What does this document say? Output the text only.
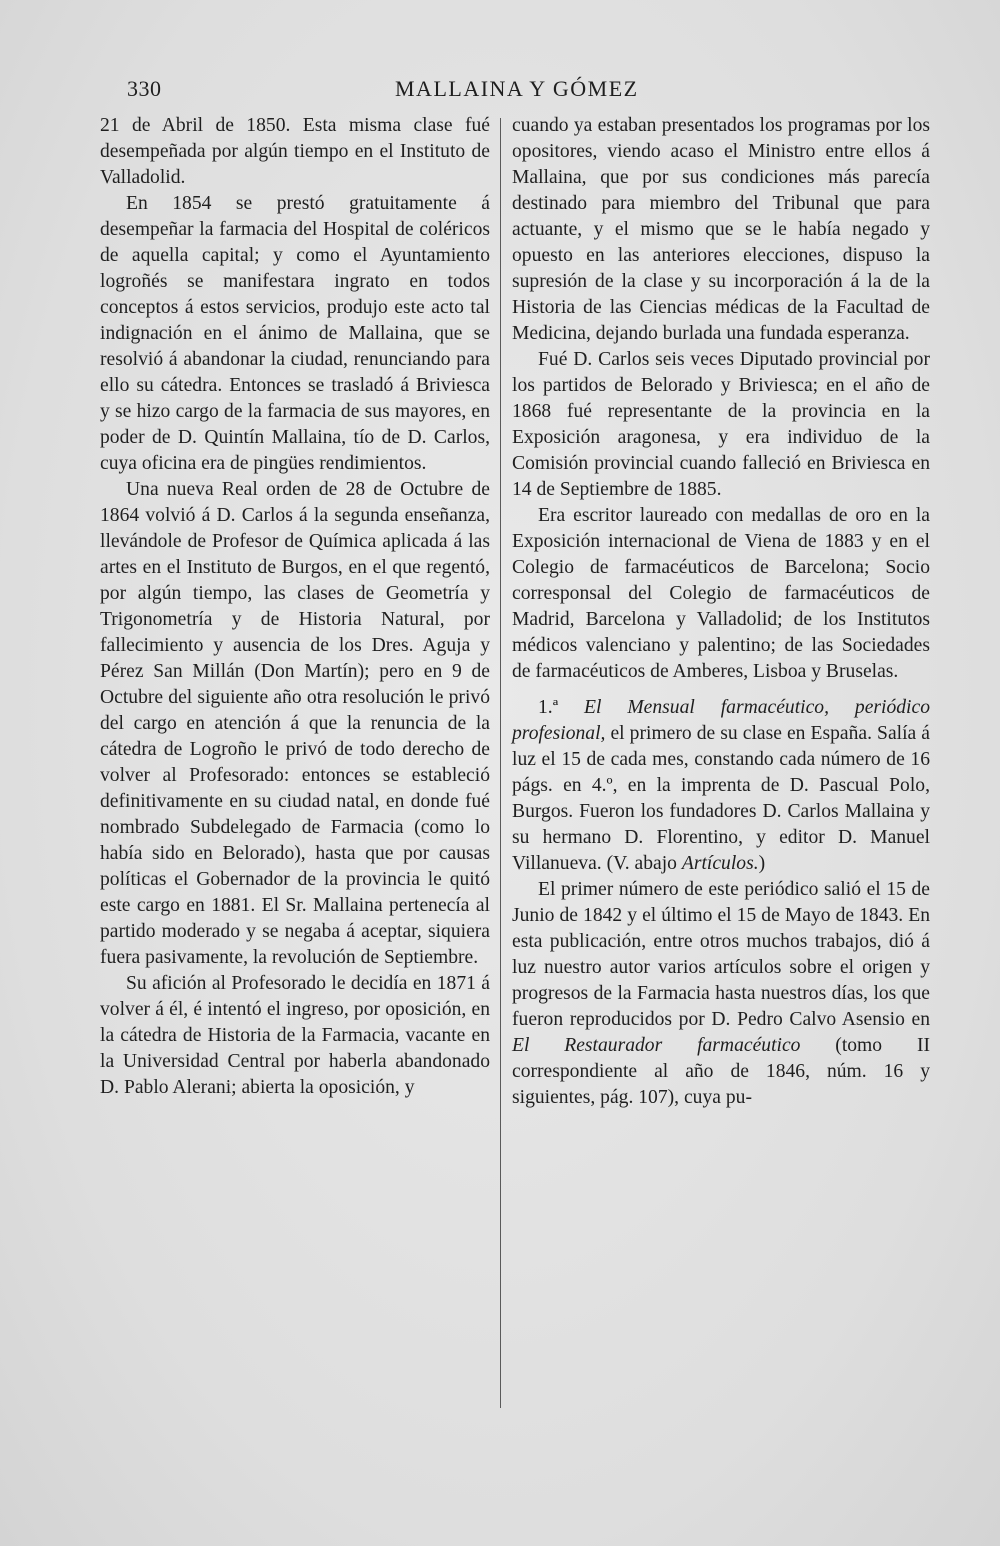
330	MALLAINA Y GÓMEZ

21 de Abril de 1850. Esta misma clase fué desempeñada por algún tiempo en el Instituto de Valladolid.

En 1854 se prestó gratuitamente á desempeñar la farmacia del Hospital de coléricos de aquella capital; y como el Ayuntamiento logroñés se manifestara ingrato en todos conceptos á estos servicios, produjo este acto tal indignación en el ánimo de Mallaina, que se resolvió á abandonar la ciudad, renunciando para ello su cátedra. Entonces se trasladó á Briviesca y se hizo cargo de la farmacia de sus mayores, en poder de D. Quintín Mallaina, tío de D. Carlos, cuya oficina era de pingües rendimientos.

Una nueva Real orden de 28 de Octubre de 1864 volvió á D. Carlos á la segunda enseñanza, llevándole de Profesor de Química aplicada á las artes en el Instituto de Burgos, en el que regentó, por algún tiempo, las clases de Geometría y Trigonometría y de Historia Natural, por fallecimiento y ausencia de los Dres. Aguja y Pérez San Millán (Don Martín); pero en 9 de Octubre del siguiente año otra resolución le privó del cargo en atención á que la renuncia de la cátedra de Logroño le privó de todo derecho de volver al Profesorado: entonces se estableció definitivamente en su ciudad natal, en donde fué nombrado Subdelegado de Farmacia (como lo había sido en Belorado), hasta que por causas políticas el Gobernador de la provincia le quitó este cargo en 1881. El Sr. Mallaina pertenecía al partido moderado y se negaba á aceptar, siquiera fuera pasivamente, la revolución de Septiembre.

Su afición al Profesorado le decidía en 1871 á volver á él, é intentó el ingreso, por oposición, en la cátedra de Historia de la Farmacia, vacante en la Universidad Central por haberla abandonado D. Pablo Alerani; abierta la oposición, y

cuando ya estaban presentados los programas por los opositores, viendo acaso el Ministro entre ellos á Mallaina, que por sus condiciones más parecía destinado para miembro del Tribunal que para actuante, y el mismo que se le había negado y opuesto en las anteriores elecciones, dispuso la supresión de la clase y su incorporación á la de la Historia de las Ciencias médicas de la Facultad de Medicina, dejando burlada una fundada esperanza.

Fué D. Carlos seis veces Diputado provincial por los partidos de Belorado y Briviesca; en el año de 1868 fué representante de la provincia en la Exposición aragonesa, y era individuo de la Comisión provincial cuando falleció en Briviesca en 14 de Septiembre de 1885.

Era escritor laureado con medallas de oro en la Exposición internacional de Viena de 1883 y en el Colegio de farmacéuticos de Barcelona; Socio corresponsal del Colegio de farmacéuticos de Madrid, Barcelona y Valladolid; de los Institutos médicos valenciano y palentino; de las Sociedades de farmacéuticos de Amberes, Lisboa y Bruselas.

1.ª El Mensual farmacéutico, periódico profesional, el primero de su clase en España. Salía á luz el 15 de cada mes, constando cada número de 16 págs. en 4.º, en la imprenta de D. Pascual Polo, Burgos. Fueron los fundadores D. Carlos Mallaina y su hermano D. Florentino, y editor D. Manuel Villanueva. (V. abajo Artículos.)

El primer número de este periódico salió el 15 de Junio de 1842 y el último el 15 de Mayo de 1843. En esta publicación, entre otros muchos trabajos, dió á luz nuestro autor varios artículos sobre el origen y progresos de la Farmacia hasta nuestros días, los que fueron reproducidos por D. Pedro Calvo Asensio en El Restaurador farmacéutico (tomo II correspondiente al año de 1846, núm. 16 y siguientes, pág. 107), cuya pu-
